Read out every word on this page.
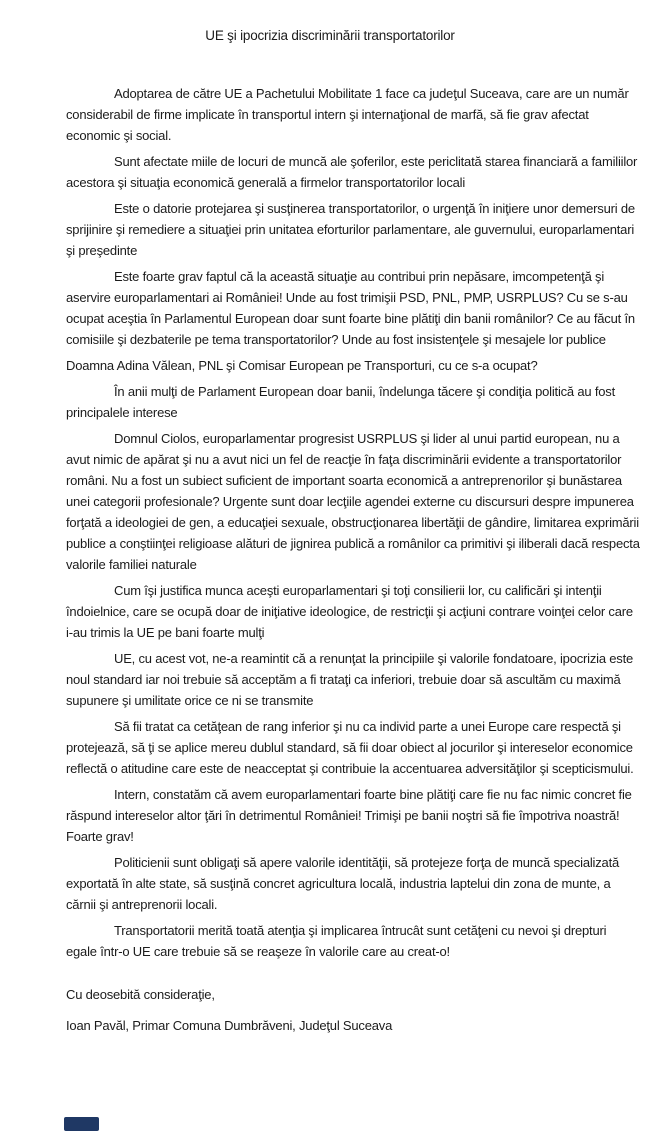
UE şi ipocrizia discriminării transportatorilor

Adoptarea de către UE a Pachetului Mobilitate 1 face ca judeţul Suceava, care are un număr considerabil de firme implicate în transportul intern şi internaţional de marfă, să fie grav afectat economic şi social.

Sunt afectate miile de locuri de muncă ale şoferilor, este periclitată starea financiară a familiilor acestora şi situaţia economică generală a firmelor transportatorilor locali

Este o datorie protejarea şi susţinerea transportatorilor, o urgenţă în iniţiere unor demersuri de sprijinire şi remediere a situaţiei prin unitatea eforturilor parlamentare, ale guvernului, europarlamentari şi preşedinte

Este foarte grav faptul că la această situaţie au contribui prin nepăsare, imcompetenţă şi aservire europarlamentari ai României! Unde au fost trimişii PSD, PNL, PMP, USRPLUS? Cu se s-au ocupat aceştia în Parlamentul European doar sunt foarte bine plătiţi din banii românilor? Ce au făcut în comisiile şi dezbaterile pe tema transportatorilor? Unde au fost insistenţele şi mesajele lor publice

Doamna Adina Vălean, PNL şi Comisar European pe Transporturi, cu ce s-a ocupat?

În anii mulţi de Parlament European doar banii, îndelunga tăcere şi condiţia politică au fost principalele interese

Domnul Ciolos, europarlamentar progresist USRPLUS şi lider al unui partid european, nu a avut nimic de apărat şi nu a avut nici un fel de reacţie în faţa discriminării evidente a transportatorilor români. Nu a fost un subiect suficient de important soarta economică a antreprenorilor şi bunăstarea unei categorii profesionale? Urgente sunt doar lecţiile agendei externe cu discursuri despre impunerea forţată a ideologiei de gen, a educaţiei sexuale, obstrucţionarea libertăţii de gândire, limitarea exprimării publice a conştiinţei religioase alături de jignirea publică a românilor ca primitivi şi iliberali dacă respecta valorile familiei naturale

Cum îşi justifica munca aceşti europarlamentari şi toţi consilierii lor, cu calificări şi intenţii îndoielnice, care se ocupă doar de iniţiative ideologice, de restricţii şi acţiuni contrare voinţei celor care i-au trimis la UE pe bani foarte mulţi

UE, cu acest vot, ne-a reamintit că a renunţat la principiile şi valorile fondatoare, ipocrizia este noul standard iar noi trebuie să acceptăm a fi trataţi ca inferiori, trebuie doar să ascultăm cu maximă supunere şi umilitate orice ce ni se transmite

Să fii tratat ca cetăţean de rang inferior şi nu ca individ parte a unei Europe care respectă şi protejează, să ţi se aplice mereu dublul standard, să fii doar obiect al jocurilor şi intereselor economice reflectă o atitudine care este de neacceptat şi contribuie la accentuarea adversităţilor şi scepticismului.

Intern, constatăm că avem europarlamentari foarte bine plătiţi care fie nu fac nimic concret fie răspund intereselor altor ţări în detrimentul României! Trimişi pe banii noştri să fie împotriva noastră! Foarte grav!

Politicienii sunt obligaţi să apere valorile identităţii, să protejeze forţa de muncă specializată exportată în alte state, să susţină concret agricultura locală, industria laptelui din zona de munte, a cărnii şi antreprenorii locali.

Transportatorii merită toată atenţia şi implicarea întrucât sunt cetăţeni cu nevoi şi drepturi egale într-o UE care trebuie să se reaşeze în valorile care au creat-o!

Cu deosebită consideraţie,

Ioan Pavăl, Primar Comuna Dumbrăveni, Judeţul Suceava
